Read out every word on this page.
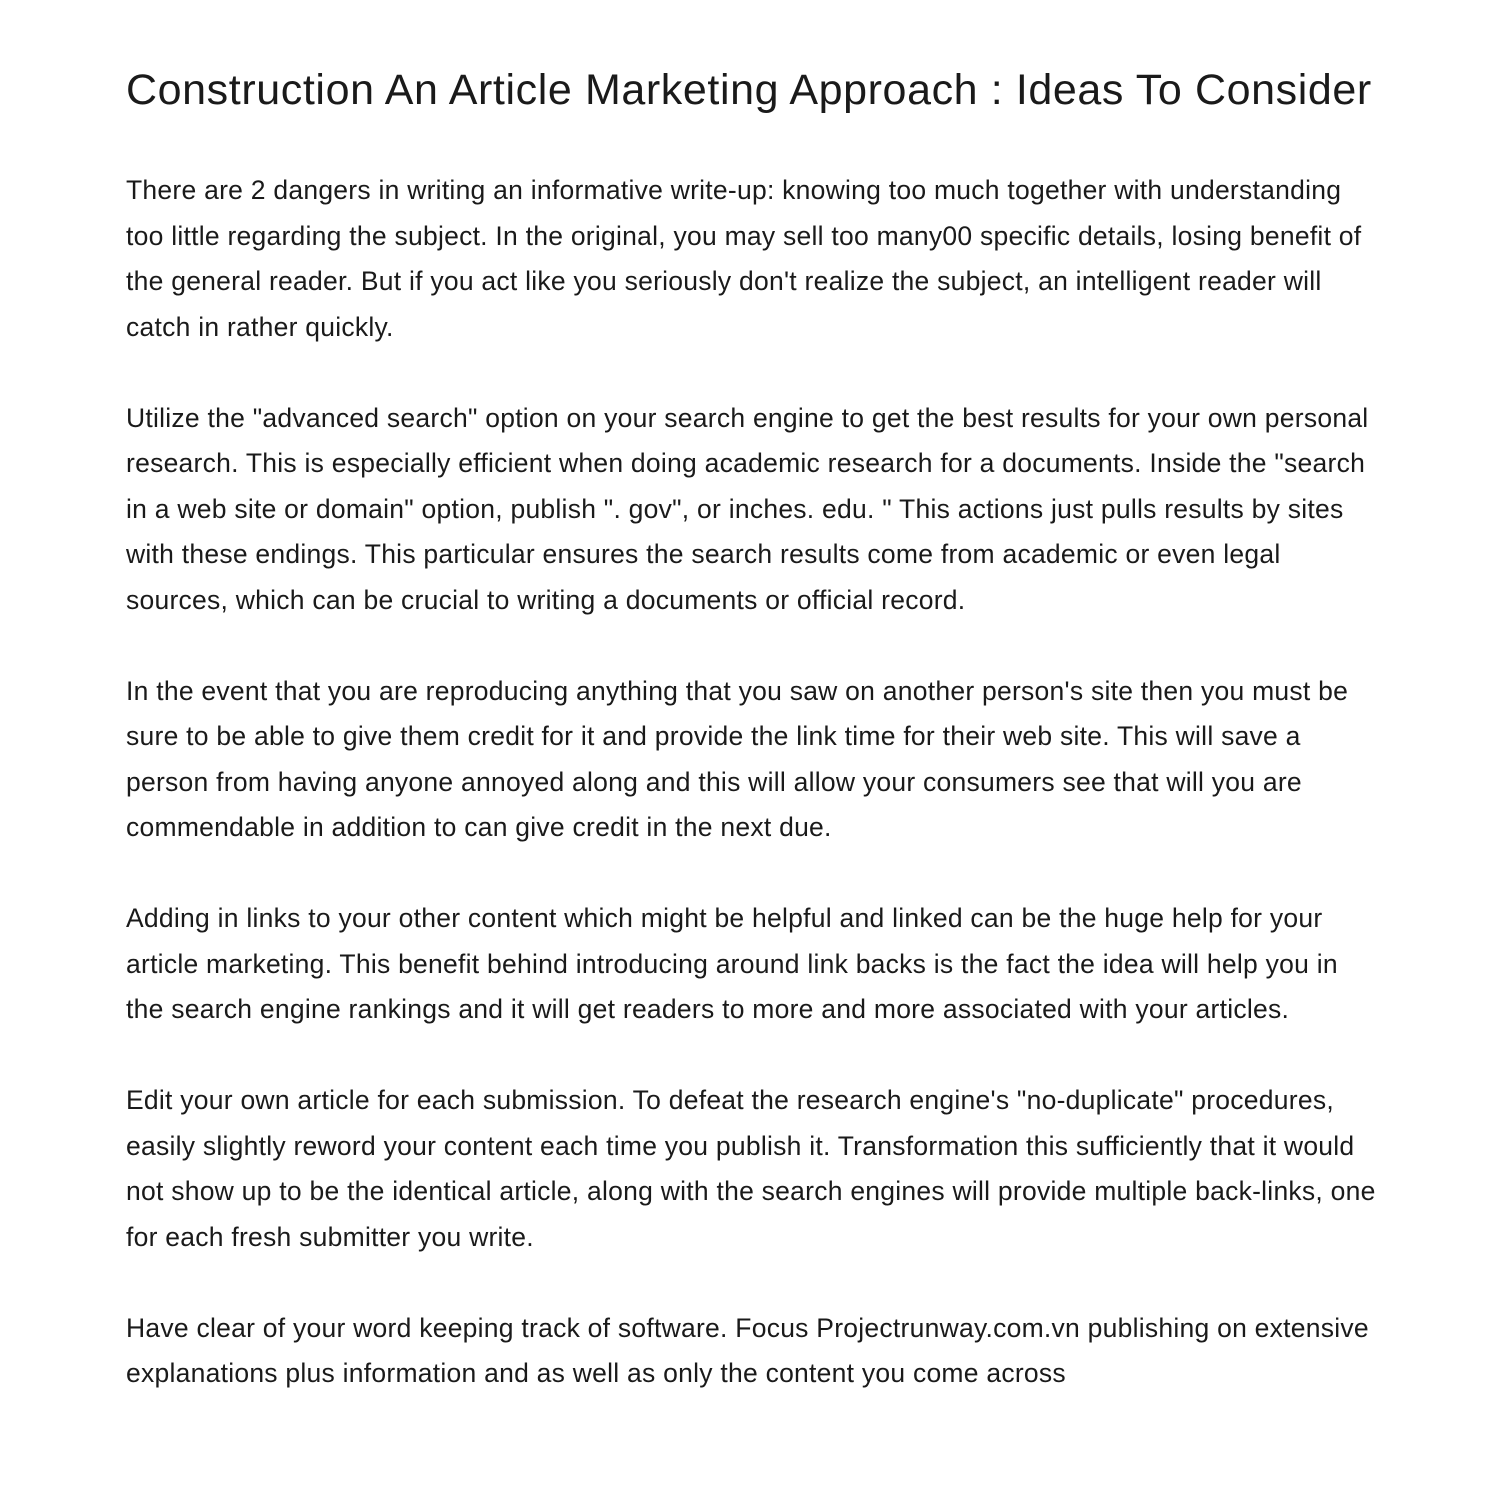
Construction An Article Marketing Approach : Ideas To Consider

There are 2 dangers in writing an informative write-up: knowing too much together with understanding too little regarding the subject. In the original, you may sell too many00 specific details, losing benefit of the general reader. But if you act like you seriously don't realize the subject, an intelligent reader will catch in rather quickly.

Utilize the "advanced search" option on your search engine to get the best results for your own personal research. This is especially efficient when doing academic research for a documents. Inside the "search in a web site or domain" option, publish ". gov", or inches. edu. " This actions just pulls results by sites with these endings. This particular ensures the search results come from academic or even legal sources, which can be crucial to writing a documents or official record.

In the event that you are reproducing anything that you saw on another person's site then you must be sure to be able to give them credit for it and provide the link time for their web site. This will save a person from having anyone annoyed along and this will allow your consumers see that will you are commendable in addition to can give credit in the next due.

Adding in links to your other content which might be helpful and linked can be the huge help for your article marketing. This benefit behind introducing around link backs is the fact the idea will help you in the search engine rankings and it will get readers to more and more associated with your articles.

Edit your own article for each submission. To defeat the research engine's "no-duplicate" procedures, easily slightly reword your content each time you publish it. Transformation this sufficiently that it would not show up to be the identical article, along with the search engines will provide multiple back-links, one for each fresh submitter you write.

Have clear of your word keeping track of software. Focus Projectrunway.com.vn publishing on extensive explanations plus information and as well as only the content you come across
